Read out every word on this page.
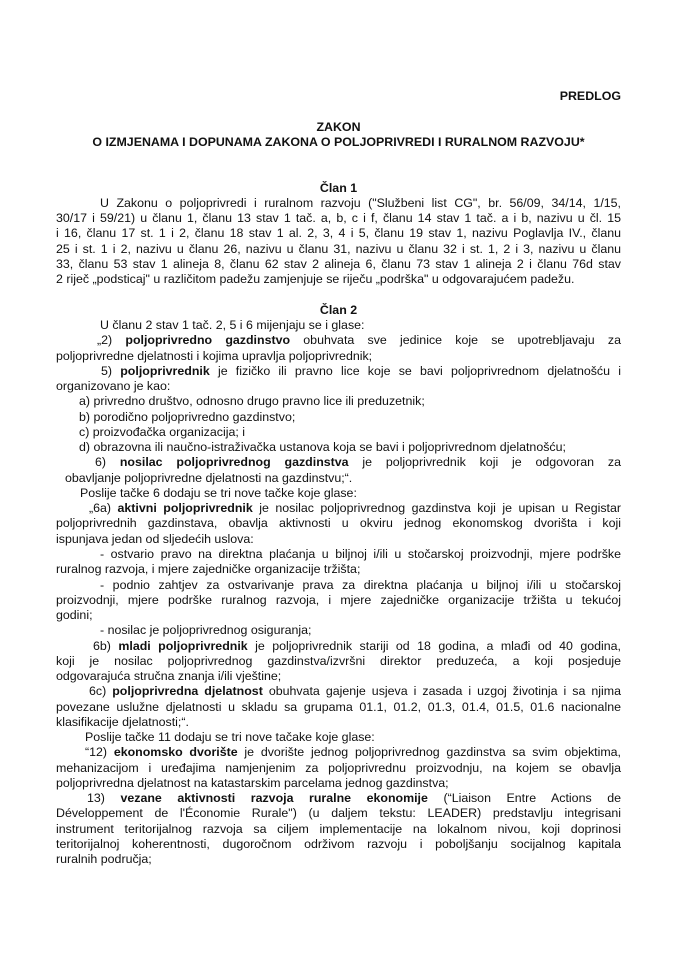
PREDLOG
ZAKON
O IZMJENAMA I DOPUNAMA ZAKONA O POLJOPRIVREDI I RURALNOM RAZVOJU*
Član 1
U Zakonu o poljoprivredi i ruralnom razvoju ("Službeni list CG", br. 56/09, 34/14, 1/15,
30/17 i 59/21) u članu 1, članu 13 stav 1 tač. a, b, c i f, članu 14 stav 1 tač. a i b, nazivu u čl. 15
i 16, članu 17 st. 1 i 2, članu 18 stav 1 al. 2, 3, 4 i 5, članu 19 stav 1, nazivu Poglavlja IV., članu
25 i st. 1 i 2, nazivu u članu 26, nazivu u članu 31, nazivu u članu 32 i st. 1, 2 i 3, nazivu u članu
33, članu 53 stav 1 alineja 8, članu 62 stav 2 alineja 6, članu 73 stav 1 alineja 2 i članu 76d stav
2 riječ „podsticaj" u različitom padežu zamjenjuje se riječu „podrška" u odgovarajućem padežu.
Član 2
U članu 2 stav 1 tač. 2, 5 i 6 mijenjaju se i glase:
„2) poljoprivredno gazdinstvo obuhvata sve jedinice koje se upotrebljavaju za
poljoprivredne djelatnosti i kojima upravlja poljoprivrednik;
5) poljoprivrednik je fizičko ili pravno lice koje se bavi poljoprivrednom djelatnošću i
organizovano je kao:
a) privredno društvo, odnosno drugo pravno lice ili preduzetnik;
b) porodično poljoprivredno gazdinstvo;
c) proizvođačka organizacija; i
d) obrazovna ili naučno-istraživačka ustanova koja se bavi i poljoprivrednom djelatnošću;
6) nosilac poljoprivrednog gazdinstva je poljoprivrednik koji je odgovoran za
obavljanje poljoprivredne djelatnosti na gazdinstvu;“.
Poslije tačke 6 dodaju se tri nove tačke koje glase:
„6a) aktivni poljoprivrednik je nosilac poljoprivrednog gazdinstva koji je upisan u Registar
poljoprivrednih gazdinstava, obavlja aktivnosti u okviru jednog ekonomskog dvorišta i koji
ispunjava jedan od sljedećih uslova:
- ostvario pravo na direktna plaćanja u biljnoj i/ili u stočarskoj proizvodnji, mjere podrške
ruralnog razvoja, i mjere zajedničke organizacije tržišta;
- podnio zahtjev za ostvarivanje prava za direktna plaćanja u biljnoj i/ili u stočarskoj
proizvodnji, mjere podrške ruralnog razvoja, i mjere zajedničke organizacije tržišta u tekućoj
godini;
- nosilac je poljoprivrednog osiguranja;
6b) mladi poljoprivrednik je poljoprivrednik stariji od 18 godina, a mlađi od 40 godina,
koji je nosilac poljoprivrednog gazdinstva/izvršni direktor preduzeća, a koji posjeduje
odgovarajuća stručna znanja i/ili vještine;
6c) poljoprivredna djelatnost obuhvata gajenje usjeva i zasada i uzgoj životinja i sa njima
povezane uslužne djelatnosti u skladu sa grupama 01.1, 01.2, 01.3, 01.4, 01.5, 01.6 nacionalne
klasifikacije djelatnosti;“.
Poslije tačke 11 dodaju se tri nove tačake koje glase:
“12) ekonomsko dvorište je dvorište jednog poljoprivrednog gazdinstva sa svim objektima,
mehanizacijom i uređajima namjenjenim za poljoprivrednu proizvodnju, na kojem se obavlja
poljoprivredna djelatnost na katastarskim parcelama jednog gazdinstva;
13) vezane aktivnosti razvoja ruralne ekonomije (“Liaison Entre Actions de
Développement de l'Économie Rurale") (u daljem tekstu: LEADER) predstavlju integrisani
instrument teritorijalnog razvoja sa ciljem implementacije na lokalnom nivou, koji doprinosi
teritorijalnoj koherentnosti, dugoročnom održivom razvoju i poboljšanju socijalnog kapitala
ruralnih područja;
